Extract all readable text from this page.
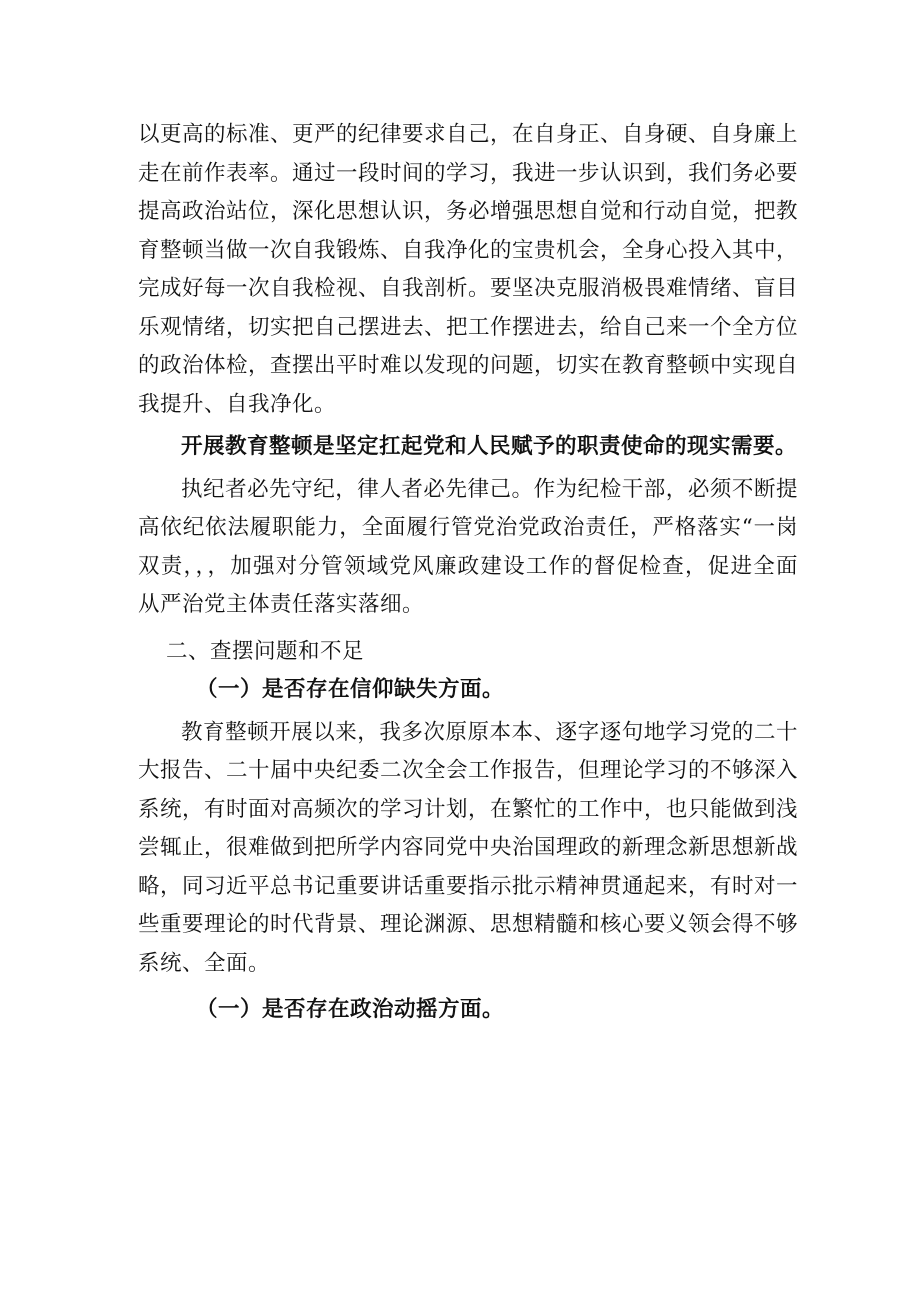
以更高的标准、更严的纪律要求自己，在自身正、自身硬、自身廉上走在前作表率。通过一段时间的学习，我进一步认识到，我们务必要提高政治站位，深化思想认识，务必增强思想自觉和行动自觉，把教育整顿当做一次自我锻炼、自我净化的宝贵机会，全身心投入其中，完成好每一次自我检视、自我剖析。要坚决克服消极畏难情绪、盲目乐观情绪，切实把自己摆进去、把工作摆进去，给自己来一个全方位的政治体检，查摆出平时难以发现的问题，切实在教育整顿中实现自我提升、自我净化。

开展教育整顿是坚定扛起党和人民赋予的职责使命的现实需要。

执纪者必先守纪，律人者必先律己。作为纪检干部，必须不断提高依纪依法履职能力，全面履行管党治党政治责任，严格落实“一岗双责，，，加强对分管领域党风廉政建设工作的督促检查，促进全面从严治党主体责任落实落细。

二、查摆问题和不足

（一）是否存在信仰缺失方面。

教育整顿开展以来，我多次原原本本、逐字逐句地学习党的二十大报告、二十届中央纪委二次全会工作报告，但理论学习的不够深入系统，有时面对高频次的学习计划，在繁忙的工作中，也只能做到浅尝辄止，很难做到把所学内容同党中央治国理政的新理念新思想新战略，同习近平总书记重要讲话重要指示批示精神贯通起来，有时对一些重要理论的时代背景、理论渊源、思想精髓和核心要义领会得不够系统、全面。

（一）是否存在政治动摇方面。
